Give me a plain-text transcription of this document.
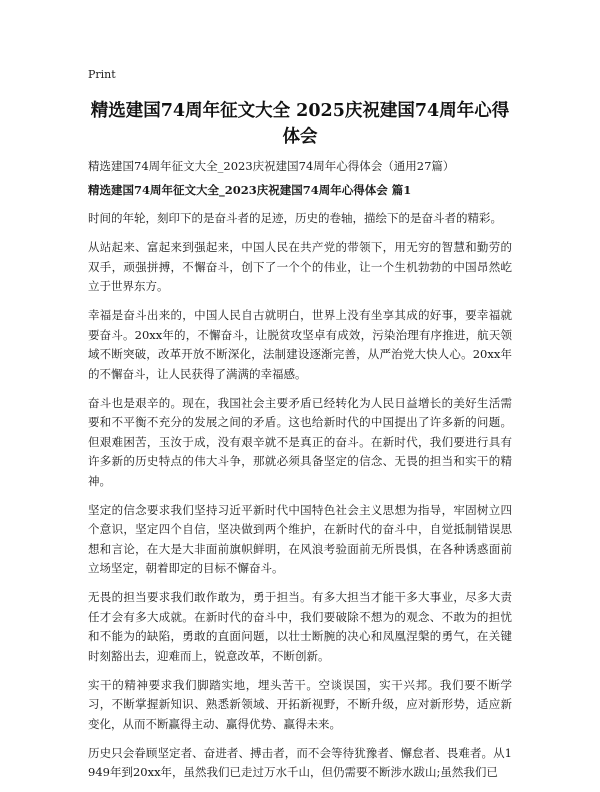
Print
精选建国74周年征文大全 2025庆祝建国74周年心得体会
精选建国74周年征文大全_2023庆祝建国74周年心得体会（通用27篇）
精选建国74周年征文大全_2023庆祝建国74周年心得体会 篇1

时间的年轮，刻印下的是奋斗者的足迹，历史的卷轴，描绘下的是奋斗者的精彩。

从站起来、富起来到强起来，中国人民在共产党的带领下，用无穷的智慧和勤劳的双手，顽强拼搏，不懈奋斗，创下了一个个的伟业，让一个生机勃勃的中国昂然屹立于世界东方。

幸福是奋斗出来的，中国人民自古就明白，世界上没有坐享其成的好事，要幸福就要奋斗。20xx年的，不懈奋斗，让脱贫攻坚卓有成效，污染治理有序推进，航天领域不断突破，改革开放不断深化，法制建设逐渐完善，从严治党大快人心。20xx年的不懈奋斗，让人民获得了满满的幸福感。

奋斗也是艰辛的。现在，我国社会主要矛盾已经转化为人民日益增长的美好生活需要和不平衡不充分的发展之间的矛盾。这也给新时代的中国提出了许多新的问题。但艰难困苦，玉汝于成，没有艰辛就不是真正的奋斗。在新时代，我们要进行具有许多新的历史特点的伟大斗争，那就必须具备坚定的信念、无畏的担当和实干的精神。

坚定的信念要求我们坚持习近平新时代中国特色社会主义思想为指导，牢固树立四个意识，坚定四个自信，坚决做到两个维护，在新时代的奋斗中，自觉抵制错误思想和言论，在大是大非面前旗帜鲜明，在风浪考验面前无所畏惧，在各种诱惑面前立场坚定，朝着即定的目标不懈奋斗。

无畏的担当要求我们敢作敢为，勇于担当。有多大担当才能干多大事业，尽多大责任才会有多大成就。在新时代的奋斗中，我们要破除不想为的观念、不敢为的担忧和不能为的缺陷，勇敢的直面问题，以壮士断腕的决心和凤凰涅槃的勇气，在关键时刻豁出去，迎难而上，锐意改革，不断创新。

实干的精神要求我们脚踏实地，埋头苦干。空谈误国，实干兴邦。我们要不断学习，不断掌握新知识、熟悉新领域、开拓新视野，不断升级，应对新形势，适应新变化，从而不断赢得主动、赢得优势、赢得未来。

历史只会眷顾坚定者、奋进者、搏击者，而不会等待犹豫者、懈怠者、畏难者。从1949年到20xx年，虽然我们已走过万水千山，但仍需要不断涉水跋山;虽然我们已
